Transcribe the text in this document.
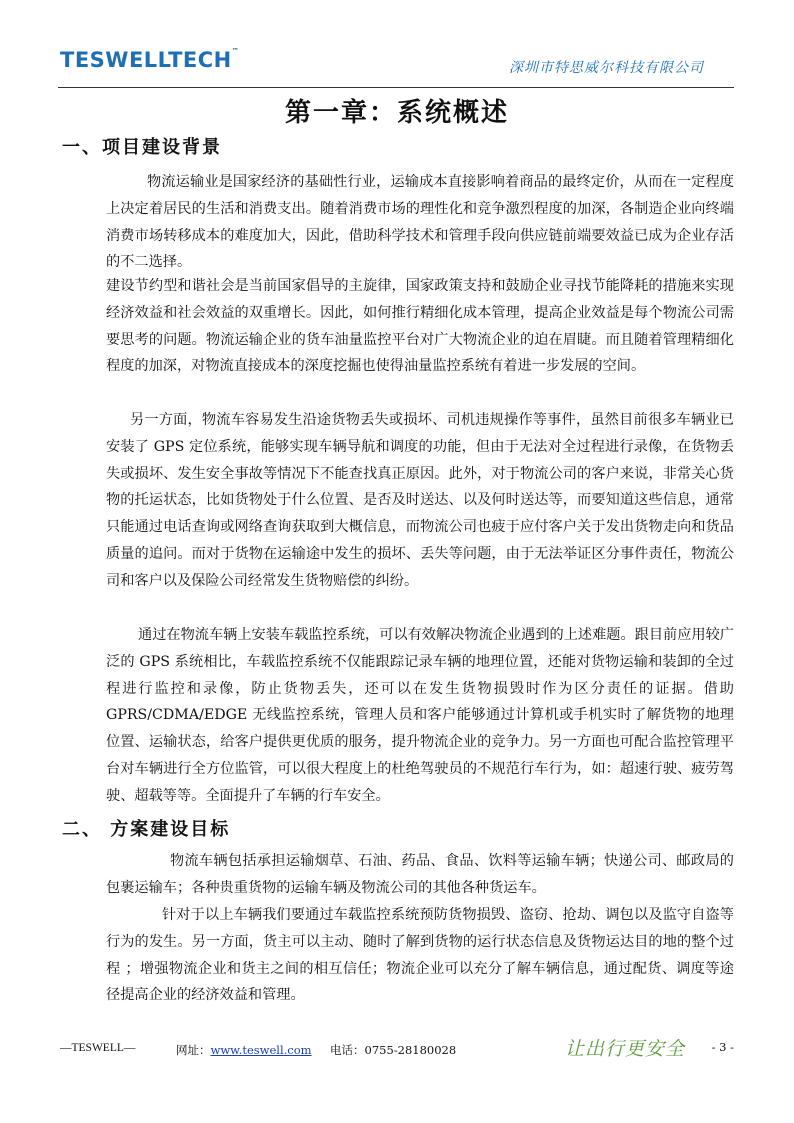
TESWELLTECH™
深圳市特思威尔科技有限公司
第一章：系统概述
一、项目建设背景

物流运输业是国家经济的基础性行业，运输成本直接影响着商品的最终定价，从而在一定程度上决定着居民的生活和消费支出。随着消费市场的理性化和竞争激烈程度的加深，各制造企业向终端消费市场转移成本的难度加大，因此，借助科学技术和管理手段向供应链前端要效益已成为企业存活的不二选择。

建设节约型和谐社会是当前国家倡导的主旋律，国家政策支持和鼓励企业寻找节能降耗的措施来实现经济效益和社会效益的双重增长。因此，如何推行精细化成本管理，提高企业效益是每个物流公司需要思考的问题。物流运输企业的货车油量监控平台对广大物流企业的迫在眉睫。而且随着管理精细化程度的加深，对物流直接成本的深度挖掘也使得油量监控系统有着进一步发展的空间。

另一方面，物流车容易发生沿途货物丢失或损坏、司机违规操作等事件，虽然目前很多车辆业已安装了 GPS 定位系统，能够实现车辆导航和调度的功能，但由于无法对全过程进行录像，在货物丢失或损坏、发生安全事故等情况下不能查找真正原因。此外，对于物流公司的客户来说，非常关心货物的托运状态，比如货物处于什么位置、是否及时送达、以及何时送达等，而要知道这些信息，通常只能通过电话查询或网络查询获取到大概信息，而物流公司也疲于应付客户关于发出货物走向和货品质量的追问。而对于货物在运输途中发生的损坏、丢失等问题，由于无法举证区分事件责任，物流公司和客户以及保险公司经常发生货物赔偿的纠纷。

通过在物流车辆上安装车载监控系统，可以有效解决物流企业遇到的上述难题。跟目前应用较广泛的 GPS 系统相比，车载监控系统不仅能跟踪记录车辆的地理位置，还能对货物运输和装卸的全过程进行监控和录像，防止货物丢失，还可以在发生货物损毁时作为区分责任的证据。借助 GPRS/CDMA/EDGE 无线监控系统，管理人员和客户能够通过计算机或手机实时了解货物的地理位置、运输状态，给客户提供更优质的服务，提升物流企业的竞争力。另一方面也可配合监控管理平台对车辆进行全方位监管，可以很大程度上的杜绝驾驶员的不规范行车行为，如：超速行驶、疲劳驾驶、超载等等。全面提升了车辆的行车安全。

二、 方案建设目标

物流车辆包括承担运输烟草、石油、药品、食品、饮料等运输车辆；快递公司、邮政局的包裹运输车；各种贵重货物的运输车辆及物流公司的其他各种货运车。

针对于以上车辆我们要通过车载监控系统预防货物损毁、盗窃、抢劫、调包以及监守自盗等行为的发生。另一方面，货主可以主动、随时了解到货物的运行状态信息及货物运达目的地的整个过程 ；增强物流企业和货主之间的相互信任；物流企业可以充分了解车辆信息，通过配货、调度等途径提高企业的经济效益和管理。

—TESWELL—	网址：www.teswell.com 电话：0755-28180028	让出行更安全 - 3 -
